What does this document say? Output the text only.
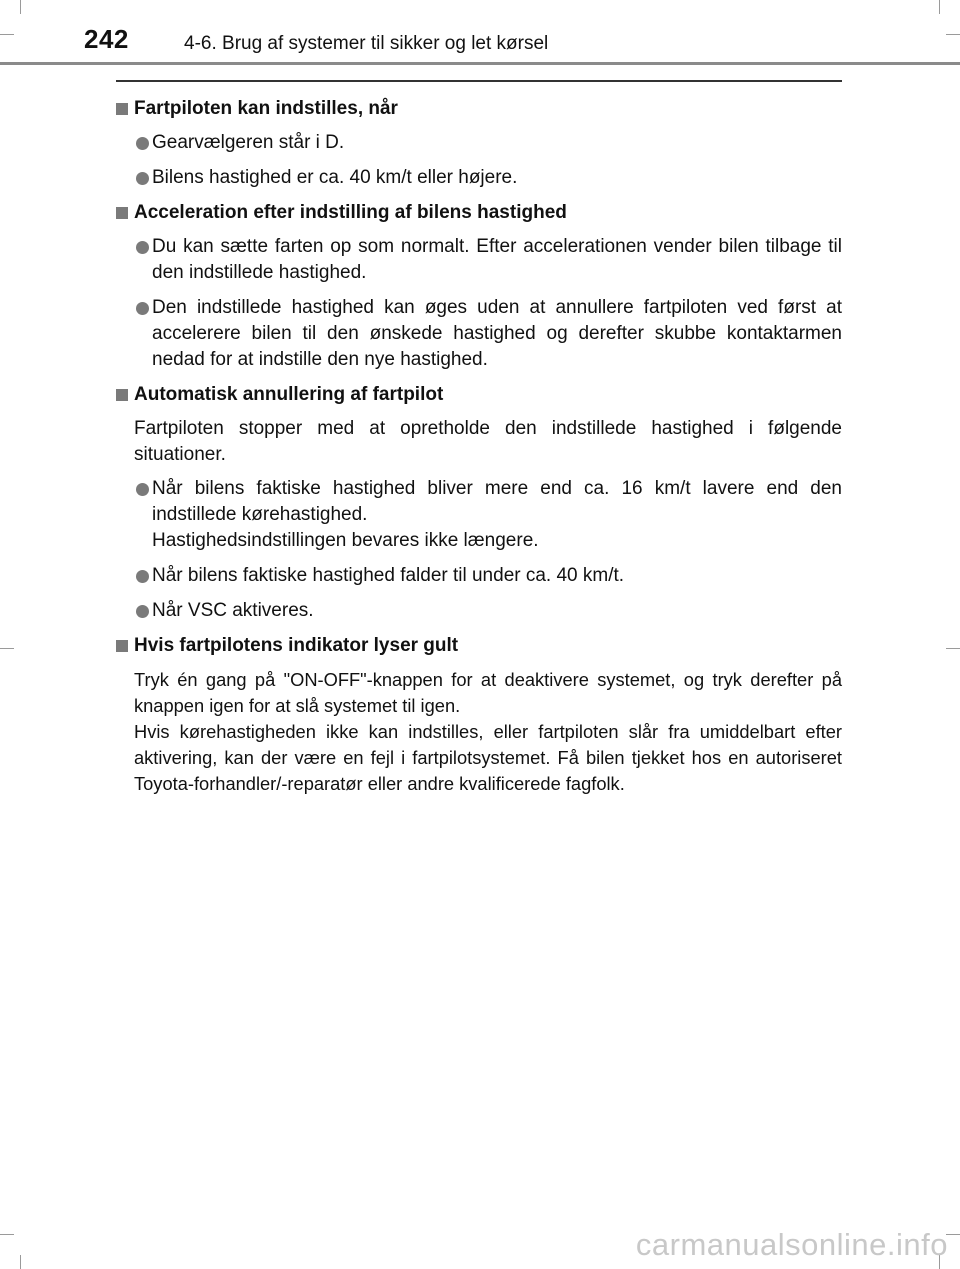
242	4-6. Brug af systemer til sikker og let kørsel
Fartpiloten kan indstilles, når
Gearvælgeren står i D.
Bilens hastighed er ca. 40 km/t eller højere.
Acceleration efter indstilling af bilens hastighed
Du kan sætte farten op som normalt. Efter accelerationen vender bilen tilbage til den indstillede hastighed.
Den indstillede hastighed kan øges uden at annullere fartpiloten ved først at accelerere bilen til den ønskede hastighed og derefter skubbe kontaktarmen nedad for at indstille den nye hastighed.
Automatisk annullering af fartpilot
Fartpiloten stopper med at opretholde den indstillede hastighed i følgende situationer.
Når bilens faktiske hastighed bliver mere end ca. 16 km/t lavere end den indstillede kørehastighed.
Hastighedsindstillingen bevares ikke længere.
Når bilens faktiske hastighed falder til under ca. 40 km/t.
Når VSC aktiveres.
Hvis fartpilotens indikator lyser gult
Tryk én gang på "ON-OFF"-knappen for at deaktivere systemet, og tryk derefter på knappen igen for at slå systemet til igen.
Hvis kørehastigheden ikke kan indstilles, eller fartpiloten slår fra umiddelbart efter aktivering, kan der være en fejl i fartpilotsystemet. Få bilen tjekket hos en autoriseret Toyota-forhandler/-reparatør eller andre kvalificerede fagfolk.
carmanualsonline.info
